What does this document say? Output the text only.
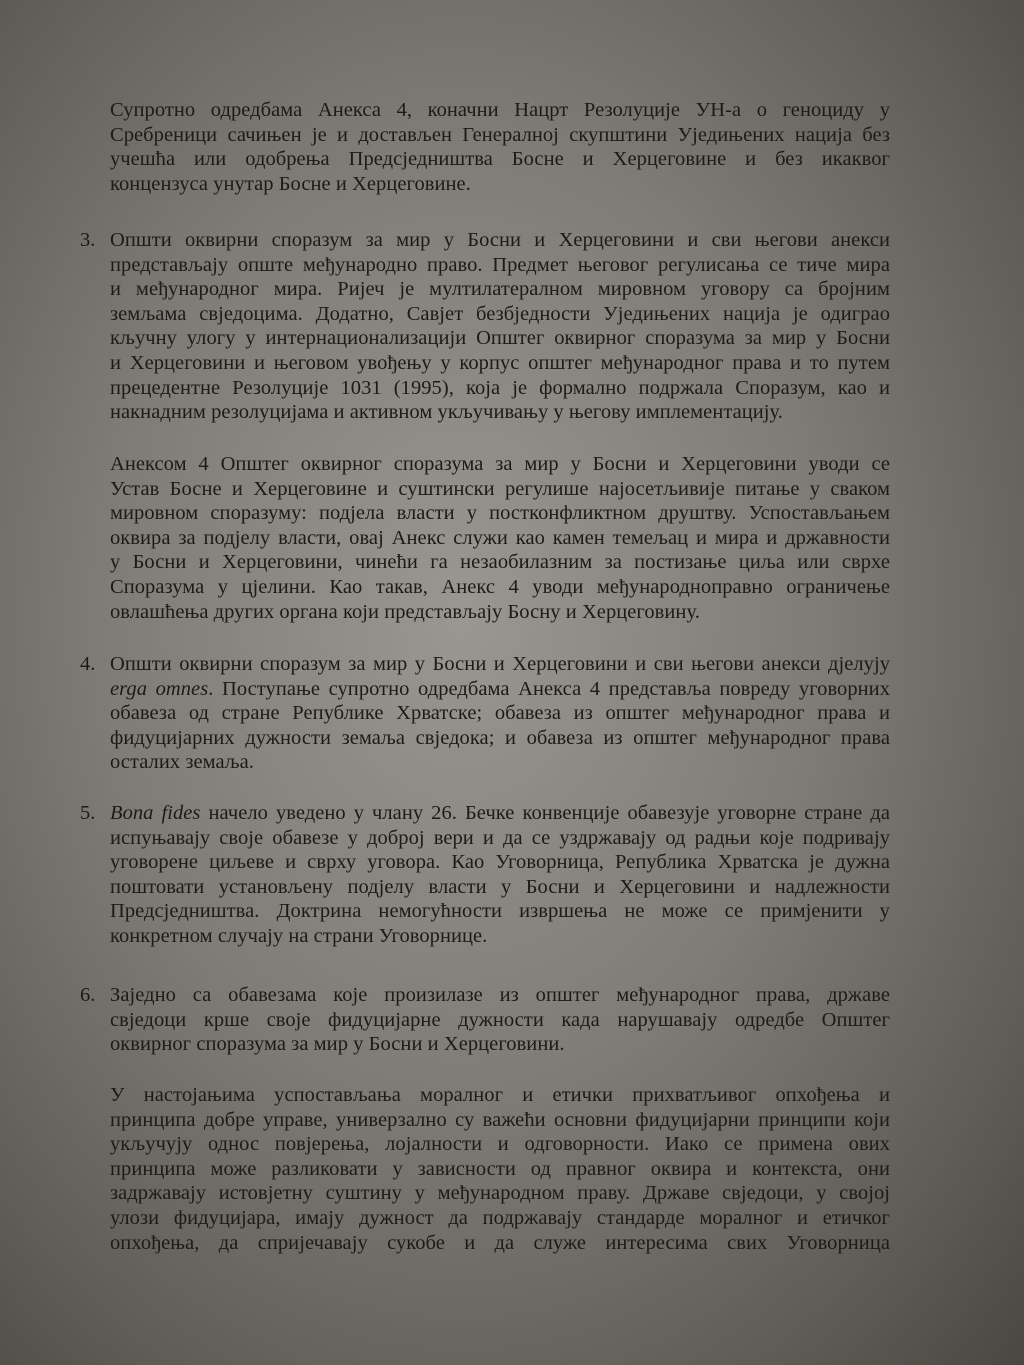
Супротно одредбама Анекса 4, коначни Нацрт Резолуције УН-а о геноциду у
Сребреници сачињен је и достављен Генералној скупштини Уједињених нација без
учешћа или одобрења Предсједништва Босне и Херцеговине и без икаквог
концензуса унутар Босне и Херцеговине.
3. Општи оквирни споразум за мир у Босни и Херцеговини и сви његови анекси
представљају опште међународно право. Предмет његовог регулисања се тиче мира
и међународног мира. Ријеч је мултилатералном мировном уговору са бројним
земљама свједоцима. Додатно, Савјет безбједности Уједињених нација је одиграо
кључну улогу у интернационализацији Општег оквирног споразума за мир у Босни
и Херцеговини и његовом увођењу у корпус општег међународног права и то путем
прецедентне Резолуције 1031 (1995), која је формално подржала Споразум, као и
накнадним резолуцијама и активном укључивању у његову имплементацију.
Анексом 4 Општег оквирног споразума за мир у Босни и Херцеговини уводи се
Устав Босне и Херцеговине и суштински регулише најосетљивије питање у сваком
мировном споразуму: подјела власти у постконфликтном друштву. Успостављањем
оквира за подјелу власти, овај Анекс служи као камен темељац и мира и државности
у Босни и Херцеговини, чинећи га незаобилазним за постизање циља или сврхе
Споразума у цјелини. Као такав, Анекс 4 уводи међународноправно ограничење
овлашћења других органа који представљају Босну и Херцеговину.
4. Општи оквирни споразум за мир у Босни и Херцеговини и сви његови анекси дјелују
erga omnes. Поступање супротно одредбама Анекса 4 представља повреду уговорних
обавеза од стране Републике Хрватске; обавеза из општег међународног права и
фидуцијарних дужности земаља свједока; и обавеза из општег међународног права
осталих земаља.
5. Bona fides начело уведено у члану 26. Бечке конвенције обавезује уговорне стране да
испуњавају своје обавезе у доброј вери и да се уздржавају од радњи које подривају
уговорене циљеве и сврху уговора. Као Уговорница, Република Хрватска је дужна
поштовати установљену подјелу власти у Босни и Херцеговини и надлежности
Предсједништва. Доктрина немогућности извршења не може се примјенити у
конкретном случају на страни Уговорнице.
6. Заједно са обавезама које произилазе из општег међународног права, државе
свједоци крше своје фидуцијарне дужности када нарушавају одредбе Општег
оквирног споразума за мир у Босни и Херцеговини.
У настојањима успостављања моралног и етички прихватљивог опхођења и
принципа добре управе, универзално су важећи основни фидуцијарни принципи који
укључују однос повјерења, лојалности и одговорности. Иако се примена ових
принципа може разликовати у зависности од правног оквира и контекста, они
задржавају истовјетну суштину у међународном праву. Државе свједоци, у својој
улози фидуцијара, имају дужност да подржавају стандарде моралног и етичког
опхођења, да спријечавају сукобе и да служе интересима свих Уговорница
